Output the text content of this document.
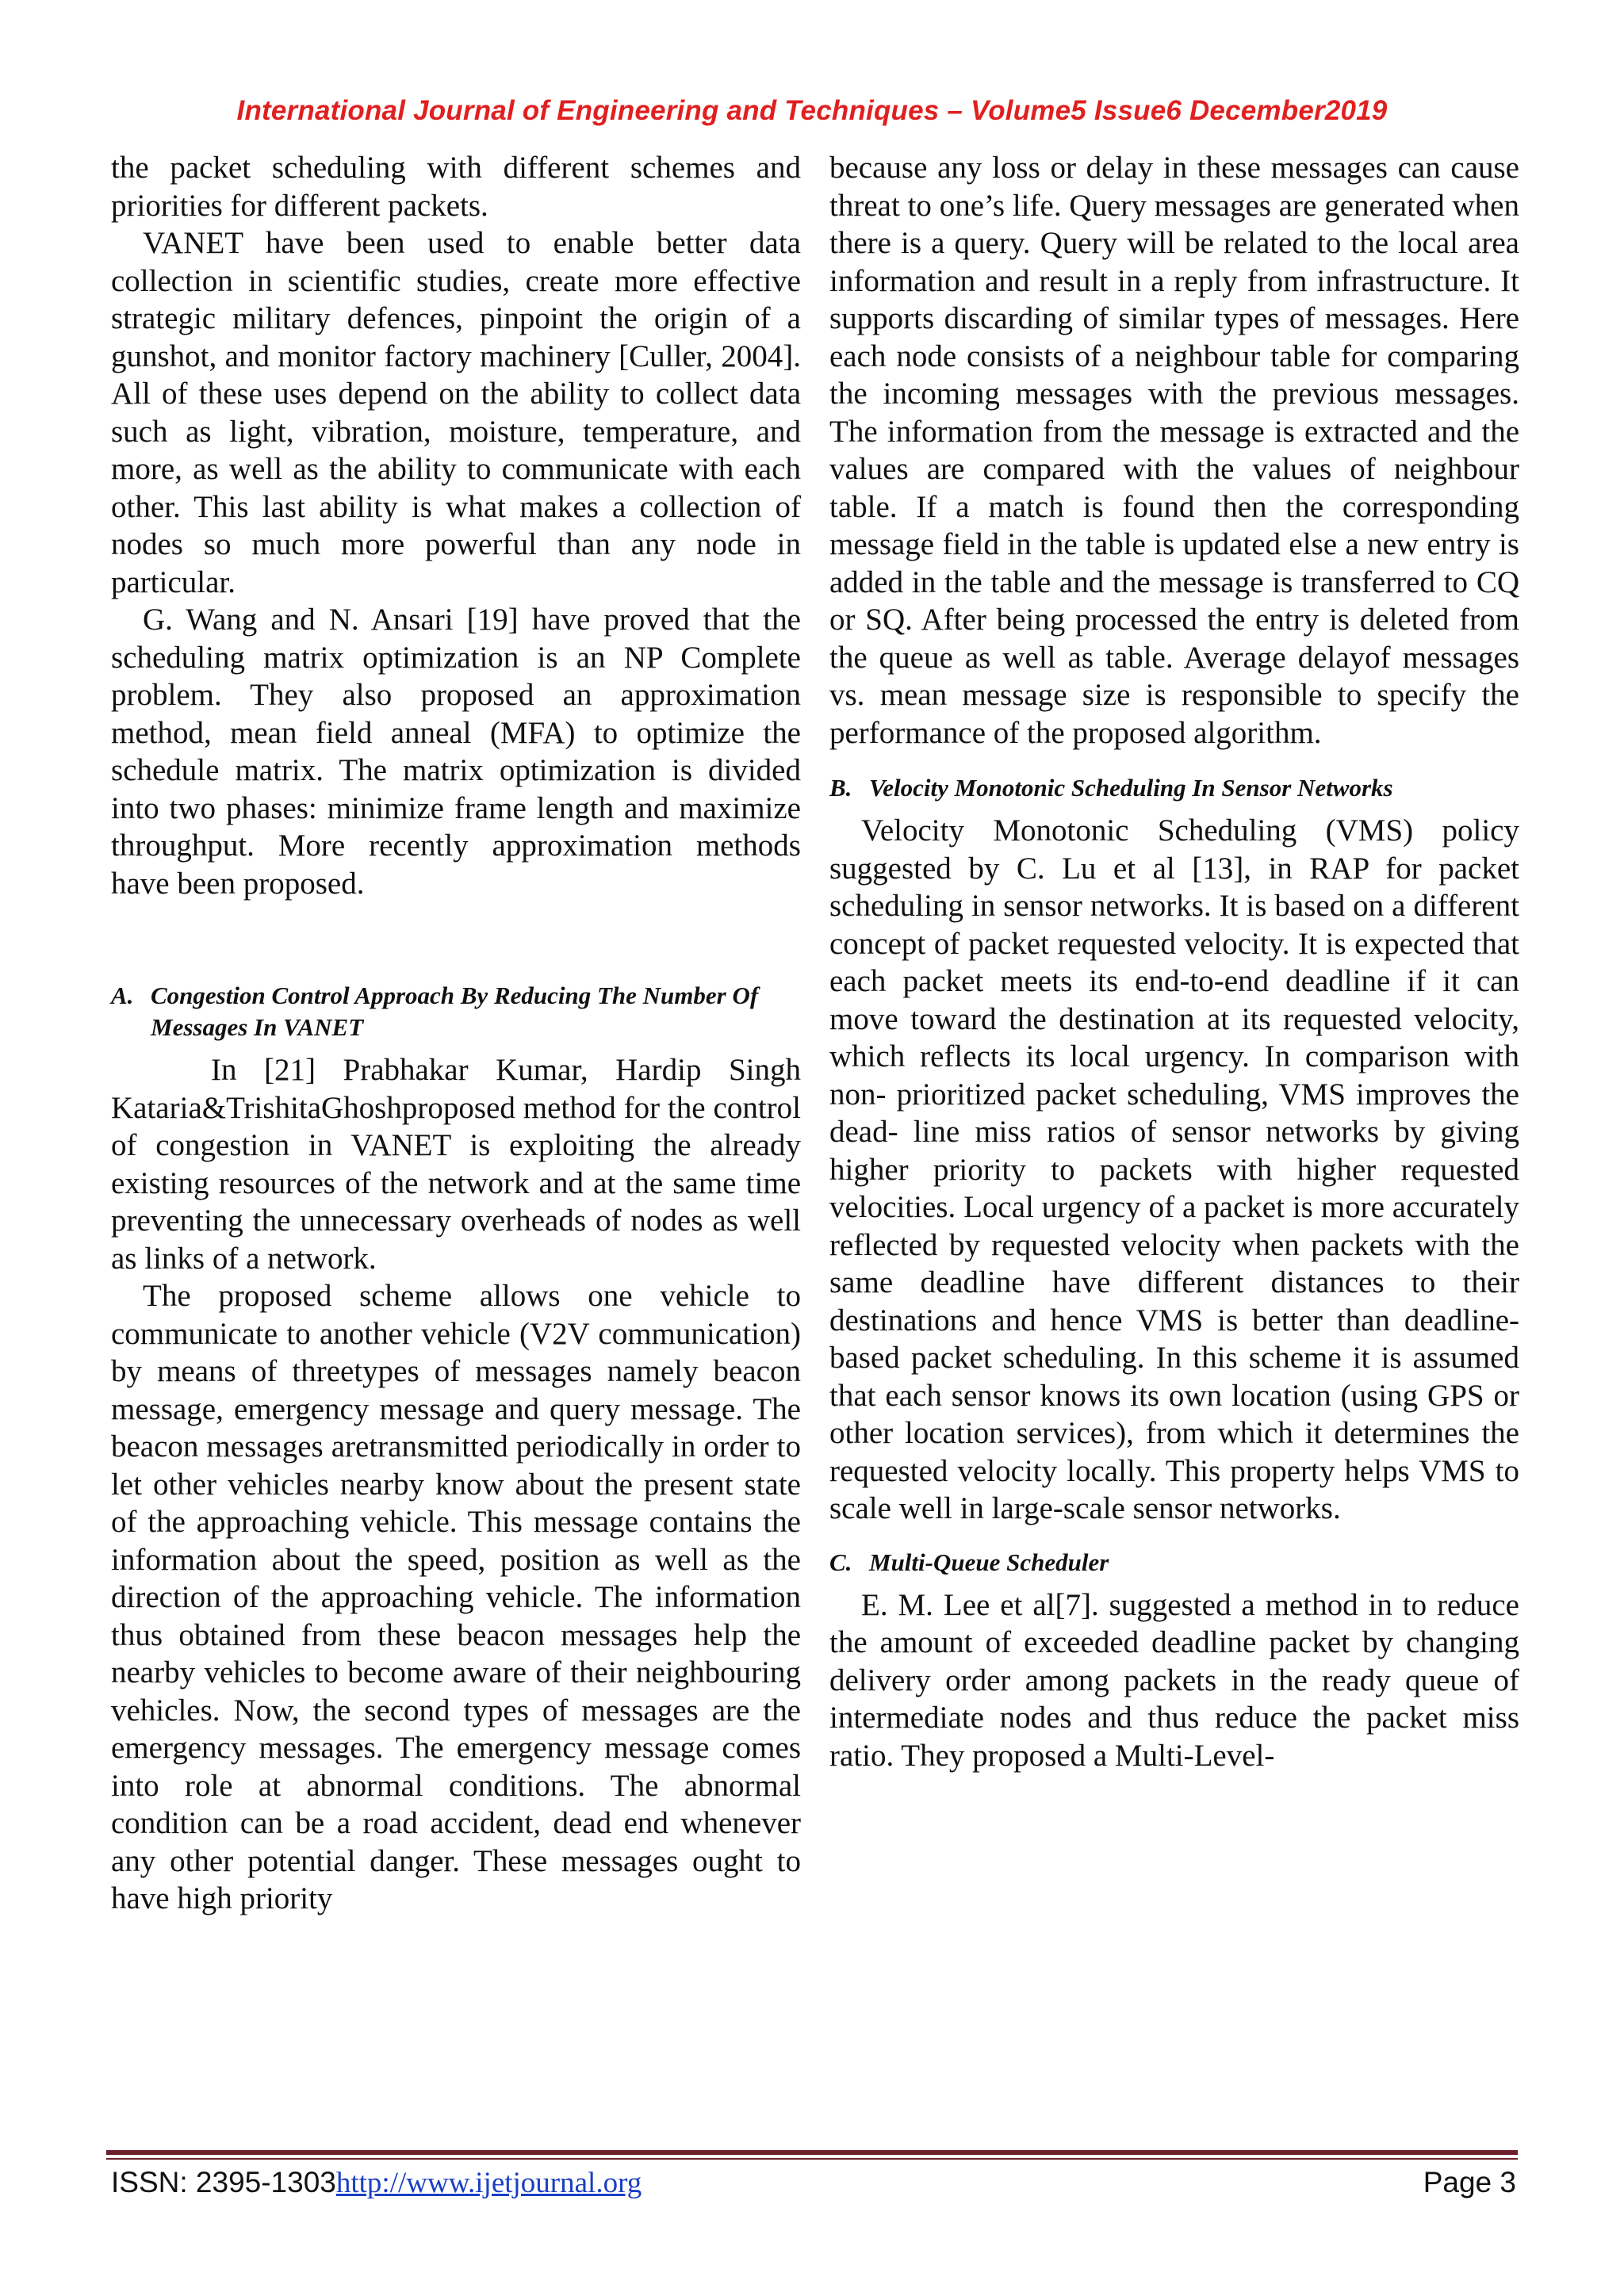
International Journal of Engineering and Techniques – Volume5 Issue6 December2019

the packet scheduling with different schemes and priorities for different packets.

VANET have been used to enable better data collection in scientific studies, create more effective strategic military defences, pinpoint the origin of a gunshot, and monitor factory machinery [Culler, 2004]. All of these uses depend on the ability to collect data such as light, vibration, moisture, temperature, and more, as well as the ability to communicate with each other. This last ability is what makes a collection of nodes so much more powerful than any node in particular.

G. Wang and N. Ansari [19] have proved that the scheduling matrix optimization is an NP Complete problem. They also proposed an approximation method, mean field anneal (MFA) to optimize the schedule matrix. The matrix optimization is divided into two phases: minimize frame length and maximize throughput. More recently approximation methods have been proposed.

A. Congestion Control Approach By Reducing The Number Of Messages In VANET

In [21] Prabhakar Kumar, Hardip Singh Kataria&TrishitaGhoshproposed method for the control of congestion in VANET is exploiting the already existing resources of the network and at the same time preventing the unnecessary overheads of nodes as well as links of a network.

The proposed scheme allows one vehicle to communicate to another vehicle (V2V communication) by means of threetypes of messages namely beacon message, emergency message and query message. The beacon messages aretransmitted periodically in order to let other vehicles nearby know about the present state of the approaching vehicle. This message contains the information about the speed, position as well as the direction of the approaching vehicle. The information thus obtained from these beacon messages help the nearby vehicles to become aware of their neighbouring vehicles. Now, the second types of messages are the emergency messages. The emergency message comes into role at abnormal conditions. The abnormal condition can be a road accident, dead end whenever any other potential danger. These messages ought to have high priority

because any loss or delay in these messages can cause threat to one’s life. Query messages are generated when there is a query. Query will be related to the local area information and result in a reply from infrastructure. It supports discarding of similar types of messages. Here each node consists of a neighbour table for comparing the incoming messages with the previous messages. The information from the message is extracted and the values are compared with the values of neighbour table. If a match is found then the corresponding message field in the table is updated else a new entry is added in the table and the message is transferred to CQ or SQ. After being processed the entry is deleted from the queue as well as table. Average delayof messages vs. mean message size is responsible to specify the performance of the proposed algorithm.

B. Velocity Monotonic Scheduling In Sensor Networks

Velocity Monotonic Scheduling (VMS) policy suggested by C. Lu et al [13], in RAP for packet scheduling in sensor networks. It is based on a different concept of packet requested velocity. It is expected that each packet meets its end-to-end deadline if it can move toward the destination at its requested velocity, which reflects its local urgency. In comparison with non- prioritized packet scheduling, VMS improves the dead- line miss ratios of sensor networks by giving higher priority to packets with higher requested velocities. Local urgency of a packet is more accurately reflected by requested velocity when packets with the same deadline have different distances to their destinations and hence VMS is better than deadline-based packet scheduling. In this scheme it is assumed that each sensor knows its own location (using GPS or other location services), from which it determines the requested velocity locally. This property helps VMS to scale well in large-scale sensor networks.

C. Multi-Queue Scheduler

E. M. Lee et al[7]. suggested a method in to reduce the amount of exceeded deadline packet by changing delivery order among packets in the ready queue of intermediate nodes and thus reduce the packet miss ratio. They proposed a Multi-Level-

ISSN: 2395-1303http://www.ijetjournal.org	Page 3
